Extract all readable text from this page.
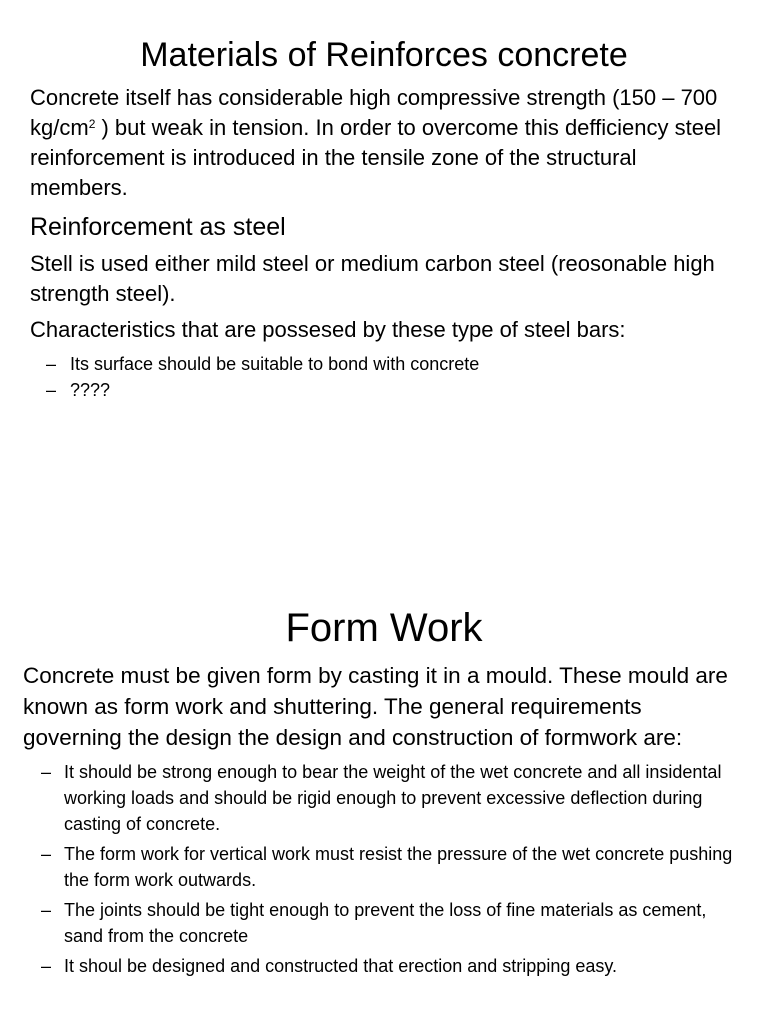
Materials of Reinforces concrete

Concrete itself has considerable high compressive strength (150 – 700 $kg/cm^2$ ) but weak in tension. In order to overcome this defficiency steel reinforcement is introduced in the tensile zone of the structural members.

Reinforcement as steel

Stell is used either mild steel or medium carbon steel (reosonable high strength steel).

Characteristics that are possesed by these type of steel bars:

– Its surface should be suitable to bond with concrete
– ????
Form Work

Concrete must be given form by casting it in a mould. These mould are known as form work and shuttering. The general requirements governing the design the design and construction of formwork are:

– It should be strong enough to bear the weight of the wet concrete and all insidental working loads and should be rigid enough to prevent excessive deflection during casting of concrete.
– The form work for vertical work must resist the pressure of the wet concrete pushing the form work outwards.
– The joints should be tight enough to prevent the loss of fine materials as cement, sand from the concrete
– It shoul be designed and constructed that erection and stripping easy.
